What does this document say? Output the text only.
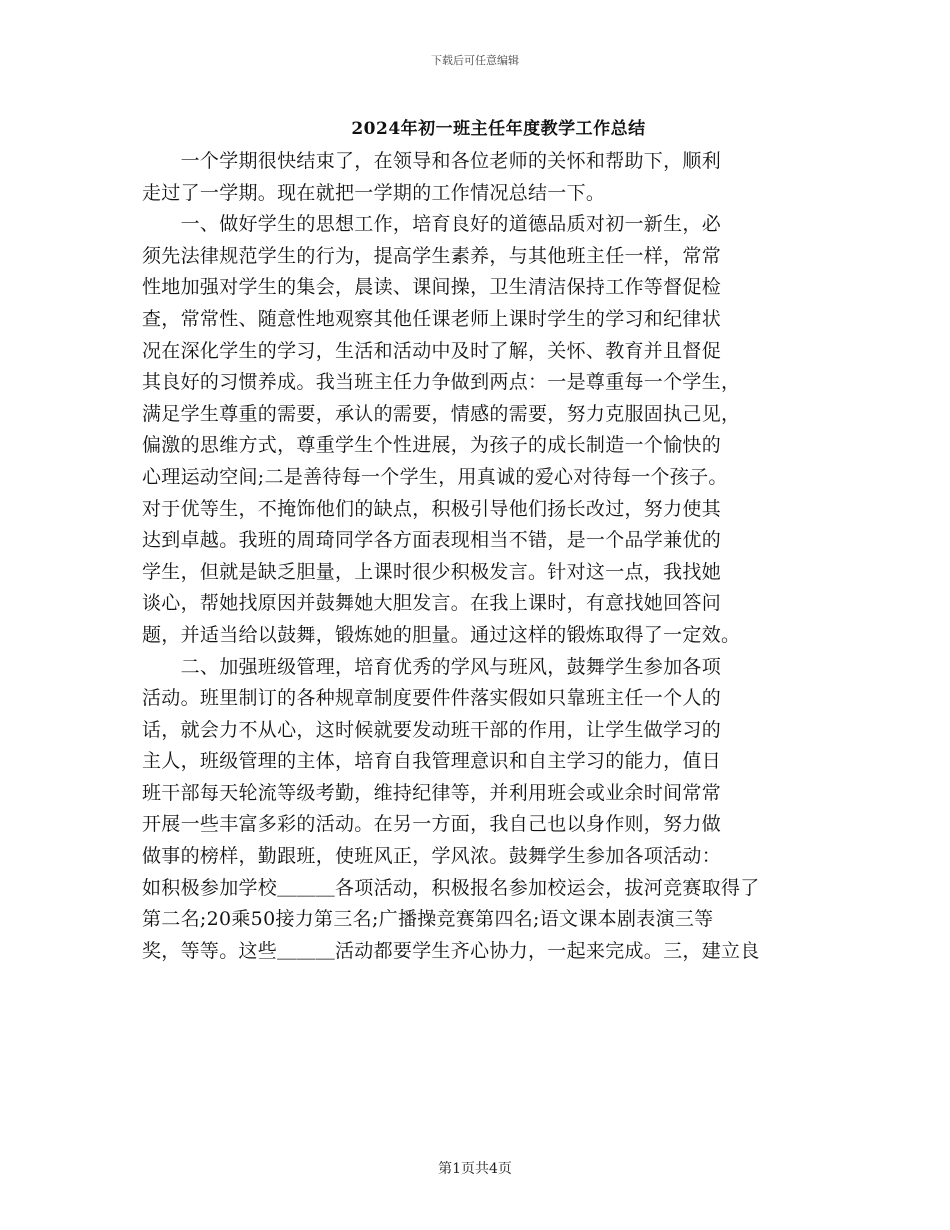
下载后可任意编辑
2024年初一班主任年度教学工作总结
　　一个学期很快结束了，在领导和各位老师的关怀和帮助下，顺利
走过了一学期。现在就把一学期的工作情况总结一下。
　　一、做好学生的思想工作，培育良好的道德品质对初一新生，必
须先法律规范学生的行为，提高学生素养，与其他班主任一样，常常
性地加强对学生的集会，晨读、课间操，卫生清洁保持工作等督促检
查，常常性、随意性地观察其他任课老师上课时学生的学习和纪律状
况在深化学生的学习，生活和活动中及时了解，关怀、教育并且督促
其良好的习惯养成。我当班主任力争做到两点：一是尊重每一个学生，
满足学生尊重的需要，承认的需要，情感的需要，努力克服固执己见，
偏激的思维方式，尊重学生个性进展，为孩子的成长制造一个愉快的
心理运动空间;二是善待每一个学生，用真诚的爱心对待每一个孩子。
对于优等生，不掩饰他们的缺点，积极引导他们扬长改过，努力使其
达到卓越。我班的周琦同学各方面表现相当不错，是一个品学兼优的
学生，但就是缺乏胆量，上课时很少积极发言。针对这一点，我找她
谈心，帮她找原因并鼓舞她大胆发言。在我上课时，有意找她回答问
题，并适当给以鼓舞，锻炼她的胆量。通过这样的锻炼取得了一定效。
　　二、加强班级管理，培育优秀的学风与班风，鼓舞学生参加各项
活动。班里制订的各种规章制度要件件落实假如只靠班主任一个人的
话，就会力不从心，这时候就要发动班干部的作用，让学生做学习的
主人，班级管理的主体，培育自我管理意识和自主学习的能力，值日
班干部每天轮流等级考勤，维持纪律等，并利用班会或业余时间常常
开展一些丰富多彩的活动。在另一方面，我自己也以身作则，努力做
做事的榜样，勤跟班，使班风正，学风浓。鼓舞学生参加各项活动：
如积极参加学校＿＿＿各项活动，积极报名参加校运会，拔河竞赛取得了
第二名;20乘50接力第三名;广播操竞赛第四名;语文课本剧表演三等
奖，等等。这些＿＿＿活动都要学生齐心协力，一起来完成。三，建立良
第1页共4页
